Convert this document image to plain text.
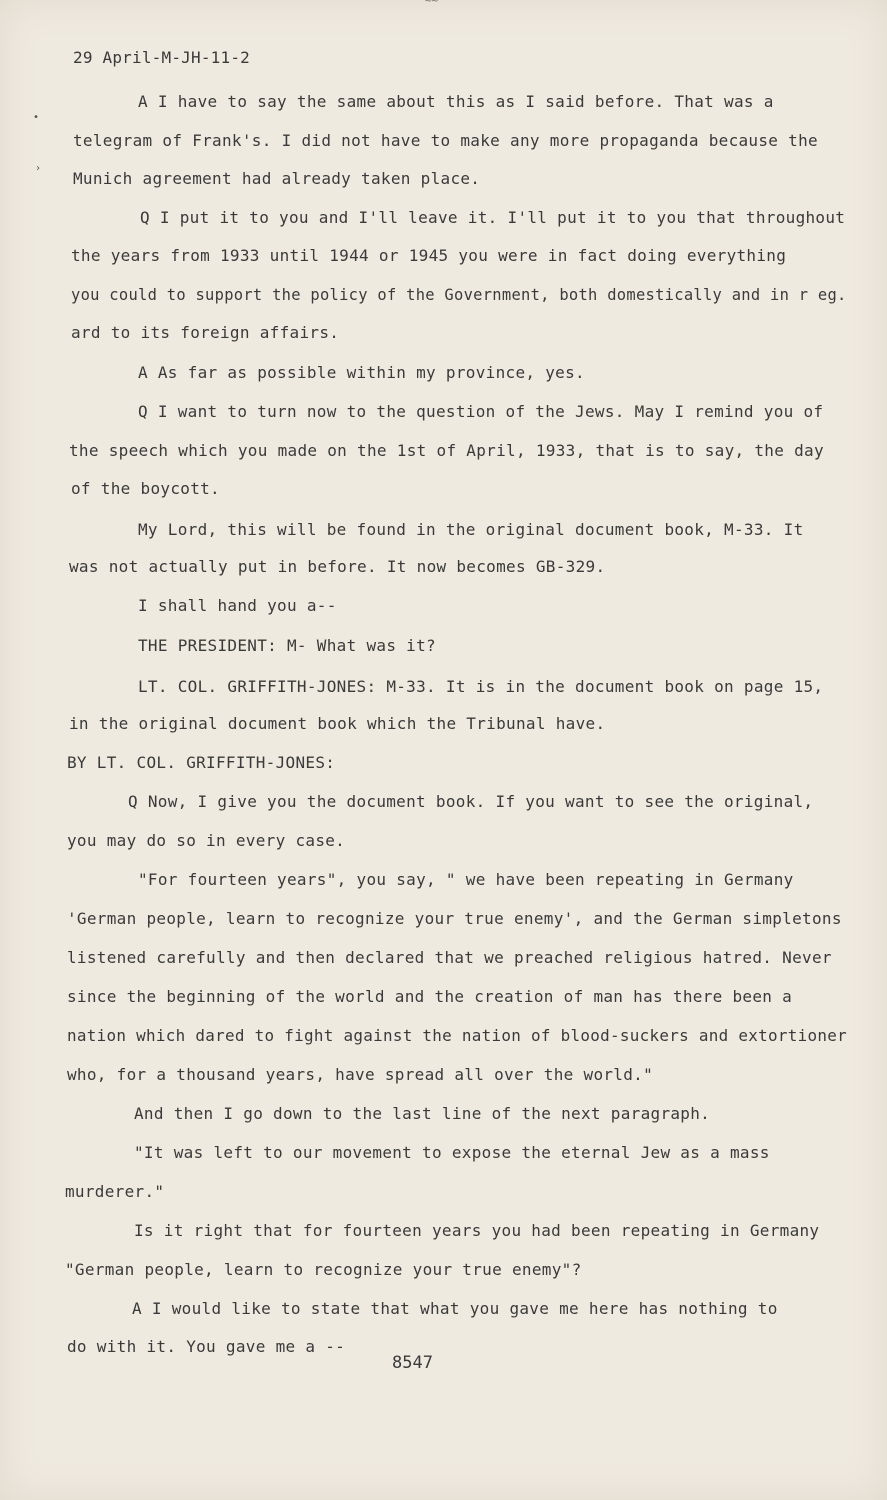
~~
•
›
29 April-M-JH-11-2
A I have to say the same about this as I said before. That was a
telegram of Frank's. I did not have to make any more propaganda because the
Munich agreement had already taken place.
Q I put it to you and I'll leave it. I'll put it to you that throughout
the years from 1933 until 1944 or 1945 you were in fact doing everything
you could to support the policy of the Government, both domestically and in r eg.
ard to its foreign affairs.
A As far as possible within my province, yes.
Q I want to turn now to the question of the Jews. May I remind you of
the speech which you made on the 1st of April, 1933, that is to say, the day
of the boycott.
My Lord, this will be found in the original document book, M-33. It
was not actually put in before. It now becomes GB-329.
I shall hand you a--
THE PRESIDENT: M- What was it?
LT. COL. GRIFFITH-JONES: M-33. It is in the document book on page 15,
in the original document book which the Tribunal have.
BY LT. COL. GRIFFITH-JONES:
Q Now, I give you the document book. If you want to see the original,
you may do so in every case.
"For fourteen years", you say, " we have been repeating in Germany
'German people, learn to recognize your true enemy', and the German simpletons
listened carefully and then declared that we preached religious hatred. Never
since the beginning of the world and the creation of man has there been a
nation which dared to fight against the nation of blood-suckers and extortioner
who, for a thousand years, have spread all over the world."
And then I go down to the last line of the next paragraph.
"It was left to our movement to expose the eternal Jew as a mass
murderer."
Is it right that for fourteen years you had been repeating in Germany
"German people, learn to recognize your true enemy"?
A I would like to state that what you gave me here has nothing to
do with it. You gave me a --
8547
